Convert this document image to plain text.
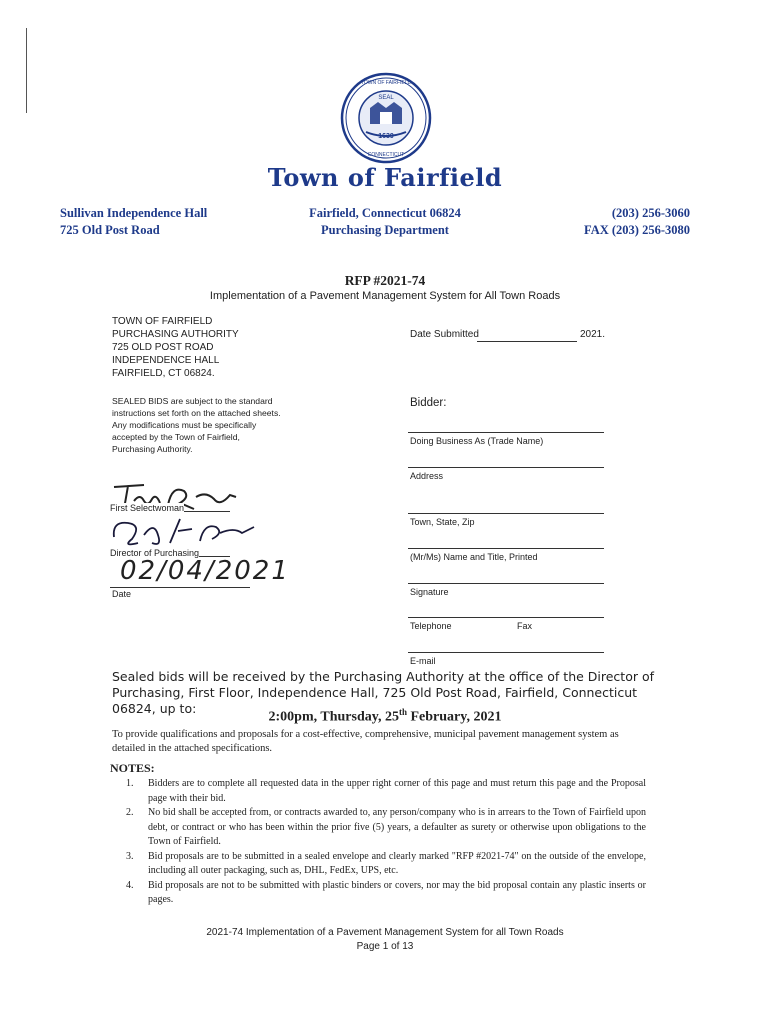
SEAL
1639
TOWN OF FAIRFIELD
CONNECTICUT
Town of Fairfield
Sullivan Independence Hall
725 Old Post Road
Fairfield, Connecticut 06824
Purchasing Department
(203) 256-3060
FAX (203) 256-3080
RFP #2021-74
Implementation of a Pavement Management System for All Town Roads
TOWN OF FAIRFIELD
PURCHASING AUTHORITY
725 OLD POST ROAD
INDEPENDENCE HALL
FAIRFIELD, CT 06824.
SEALED BIDS are subject to the standard
instructions set forth on the attached sheets.
Any modifications must be specifically
accepted by the Town of Fairfield,
Purchasing Authority.
Date Submitted	2021.
Bidder:
Doing Business As (Trade Name)
Address
Town, State, Zip
(Mr/Ms) Name and Title, Printed
Signature
Telephone	Fax
E-mail
First Selectwoman
Director of Purchasing
02/04/2021
Date
Sealed bids will be received by the Purchasing Authority at the office of the Director of Purchasing, First Floor, Independence Hall, 725 Old Post Road, Fairfield, Connecticut 06824, up to:
2:00pm, Thursday, 25th February, 2021
To provide qualifications and proposals for a cost-effective, comprehensive, municipal pavement management system as detailed in the attached specifications.
NOTES:
1. Bidders are to complete all requested data in the upper right corner of this page and must return this page and the Proposal page with their bid.
2. No bid shall be accepted from, or contracts awarded to, any person/company who is in arrears to the Town of Fairfield upon debt, or contract or who has been within the prior five (5) years, a defaulter as surety or otherwise upon obligations to the Town of Fairfield.
3. Bid proposals are to be submitted in a sealed envelope and clearly marked "RFP #2021-74" on the outside of the envelope, including all outer packaging, such as, DHL, FedEx, UPS, etc.
4. Bid proposals are not to be submitted with plastic binders or covers, nor may the bid proposal contain any plastic inserts or pages.
2021-74 Implementation of a Pavement Management System for all Town Roads
Page 1 of 13
